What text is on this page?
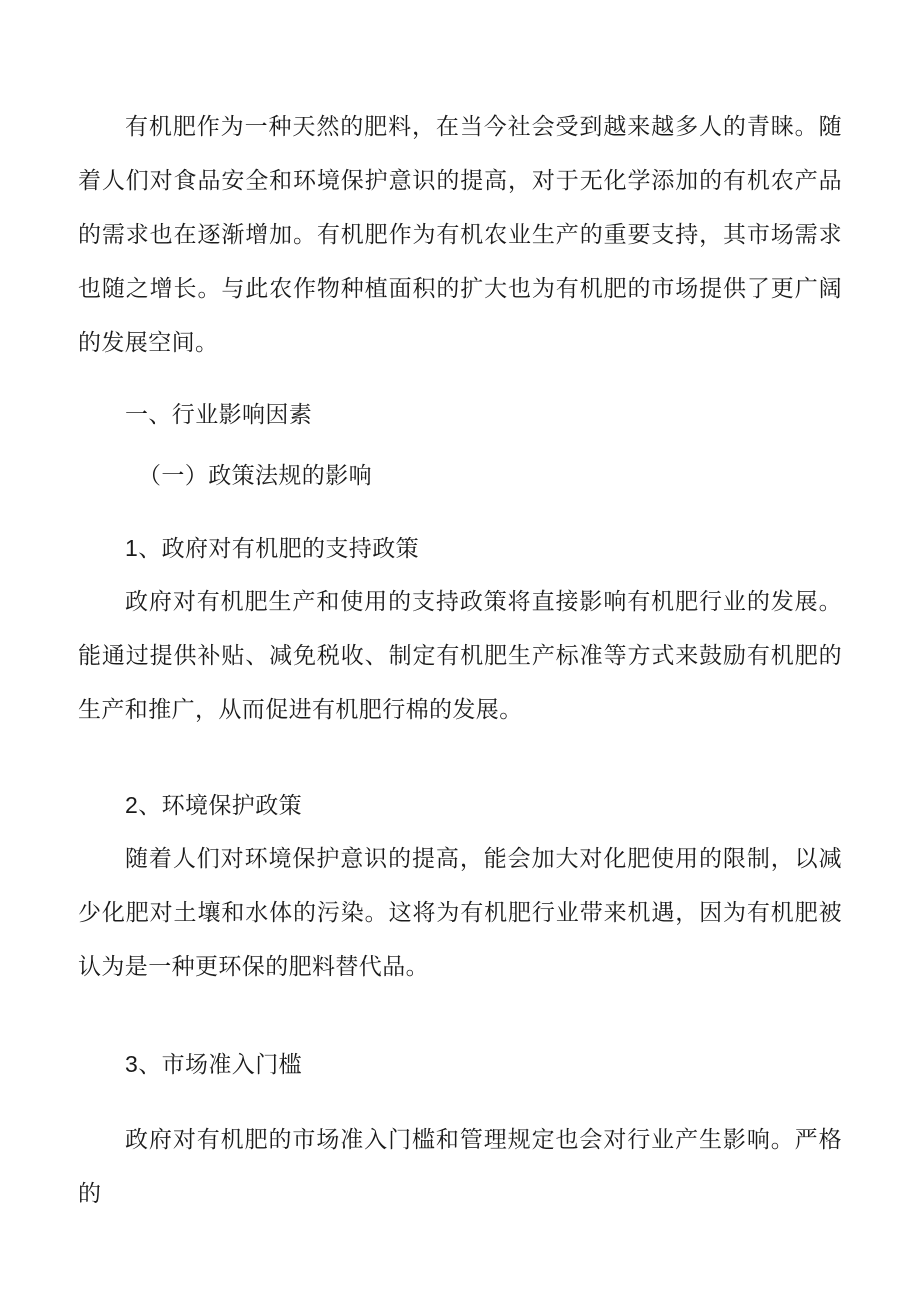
有机肥作为一种天然的肥料，在当今社会受到越来越多人的青睐。随着人们对食品安全和环境保护意识的提高，对于无化学添加的有机农产品的需求也在逐渐增加。有机肥作为有机农业生产的重要支持，其市场需求也随之增长。与此农作物种植面积的扩大也为有机肥的市场提供了更广阔的发展空间。

一、行业影响因素

（一）政策法规的影响

1、政府对有机肥的支持政策

政府对有机肥生产和使用的支持政策将直接影响有机肥行业的发展。能通过提供补贴、减免税收、制定有机肥生产标准等方式来鼓励有机肥的生产和推广，从而促进有机肥行棉的发展。

2、环境保护政策

随着人们对环境保护意识的提高，能会加大对化肥使用的限制，以减少化肥对土壤和水体的污染。这将为有机肥行业带来机遇，因为有机肥被认为是一种更环保的肥料替代品。

3、市场准入门槛

政府对有机肥的市场准入门槛和管理规定也会对行业产生影响。严格的
